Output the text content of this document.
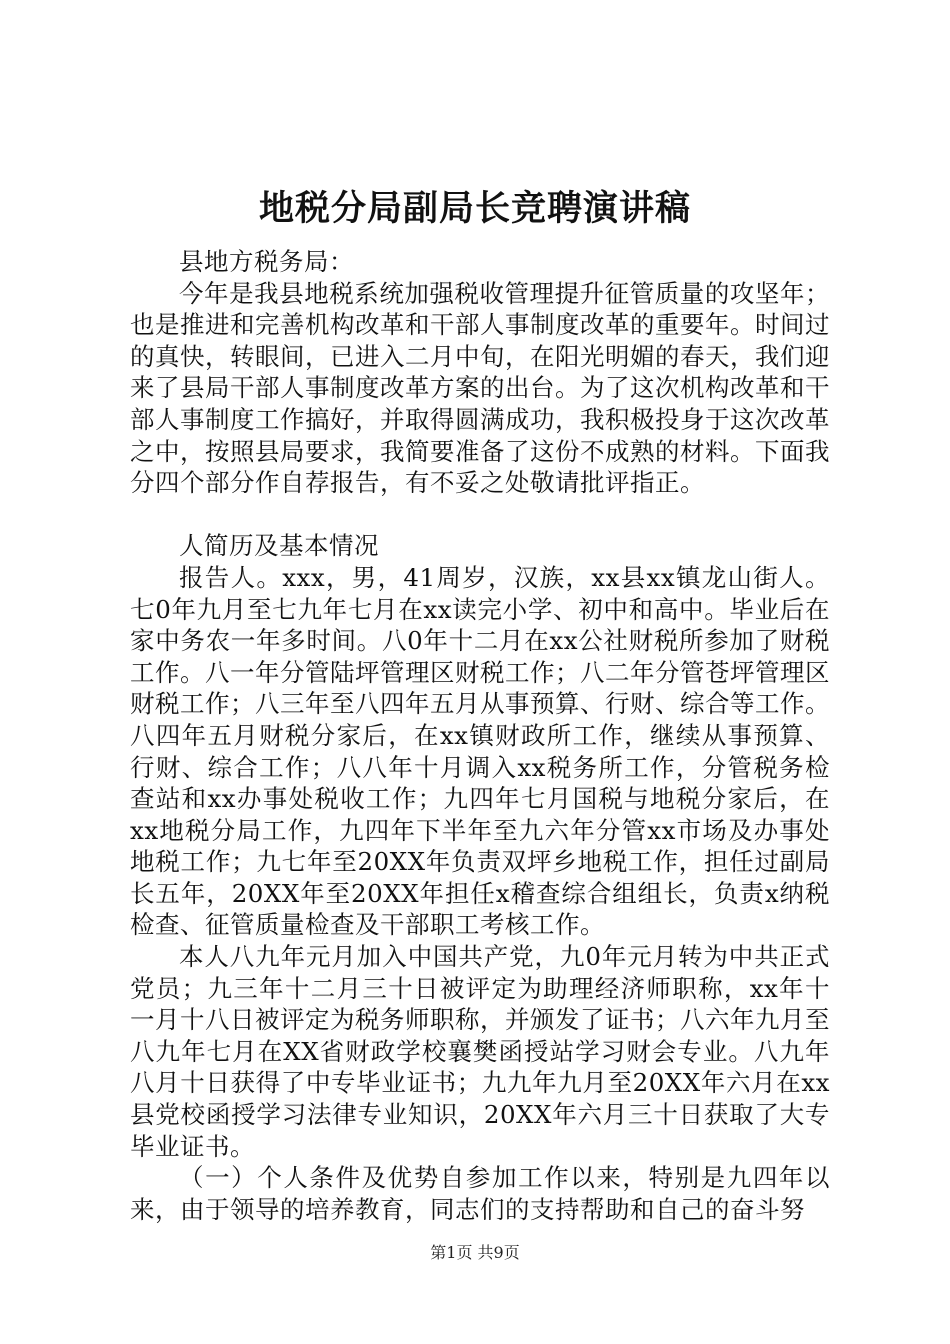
地税分局副局长竞聘演讲稿

县地方税务局：

今年是我县地税系统加强税收管理提升征管质量的攻坚年；也是推进和完善机构改革和干部人事制度改革的重要年。时间过的真快，转眼间，已进入二月中旬，在阳光明媚的春天，我们迎来了县局干部人事制度改革方案的出台。为了这次机构改革和干部人事制度工作搞好，并取得圆满成功，我积极投身于这次改革之中，按照县局要求，我简要准备了这份不成熟的材料。下面我分四个部分作自荐报告，有不妥之处敬请批评指正。

人简历及基本情况

报告人。xxx，男，41周岁，汉族，xx县xx镇龙山街人。七0年九月至七九年七月在xx读完小学、初中和高中。毕业后在家中务农一年多时间。八0年十二月在xx公社财税所参加了财税工作。八一年分管陆坪管理区财税工作；八二年分管苍坪管理区财税工作；八三年至八四年五月从事预算、行财、综合等工作。八四年五月财税分家后，在xx镇财政所工作，继续从事预算、行财、综合工作；八八年十月调入xx税务所工作，分管税务检查站和xx办事处税收工作；九四年七月国税与地税分家后，在xx地税分局工作，九四年下半年至九六年分管xx市场及办事处地税工作；九七年至20XX年负责双坪乡地税工作，担任过副局长五年，20XX年至20XX年担任x稽查综合组组长，负责x纳税检查、征管质量检查及干部职工考核工作。

本人八九年元月加入中国共产党，九0年元月转为中共正式党员；九三年十二月三十日被评定为助理经济师职称，xx年十一月十八日被评定为税务师职称，并颁发了证书；八六年九月至八九年七月在XX省财政学校襄樊函授站学习财会专业。八九年八月十日获得了中专毕业证书；九九年九月至20XX年六月在xx县党校函授学习法律专业知识，20XX年六月三十日获取了大专毕业证书。

（一）个人条件及优势自参加工作以来，特别是九四年以来，由于领导的培养教育，同志们的支持帮助和自己的奋斗努

第1页 共9页
